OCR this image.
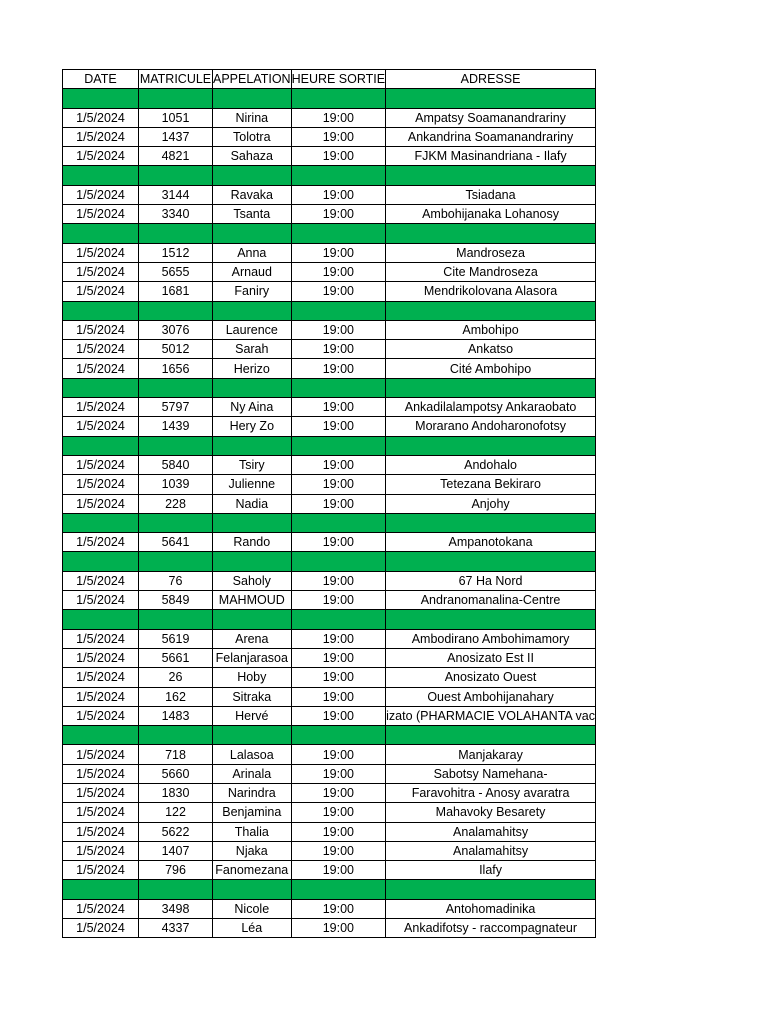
DATE	MATRICULE	APPELATION	HEURE SORTIE	ADRESSE

1/5/2024	1051	Nirina	19:00	Ampatsy Soamanandrariny
1/5/2024	1437	Tolotra	19:00	Ankandrina Soamanandrariny
1/5/2024	4821	Sahaza	19:00	FJKM Masinandriana - Ilafy

1/5/2024	3144	Ravaka	19:00	Tsiadana
1/5/2024	3340	Tsanta	19:00	Ambohijanaka Lohanosy

1/5/2024	1512	Anna	19:00	Mandroseza
1/5/2024	5655	Arnaud	19:00	Cite Mandroseza
1/5/2024	1681	Faniry	19:00	Mendrikolovana Alasora

1/5/2024	3076	Laurence	19:00	Ambohipo
1/5/2024	5012	Sarah	19:00	Ankatso
1/5/2024	1656	Herizo	19:00	Cité Ambohipo

1/5/2024	5797	Ny Aina	19:00	Ankadilalampotsy Ankaraobato
1/5/2024	1439	Hery Zo	19:00	Morarano Andoharonofotsy

1/5/2024	5840	Tsiry	19:00	Andohalo
1/5/2024	1039	Julienne	19:00	Tetezana Bekiraro
1/5/2024	228	Nadia	19:00	Anjohy

1/5/2024	5641	Rando	19:00	Ampanotokana

1/5/2024	76	Saholy	19:00	67 Ha Nord
1/5/2024	5849	MAHMOUD	19:00	Andranomanalina-Centre

1/5/2024	5619	Arena	19:00	Ambodirano Ambohimamory
1/5/2024	5661	Felanjarasoa	19:00	Anosizato Est II
1/5/2024	26	Hoby	19:00	Anosizato Ouest
1/5/2024	162	Sitraka	19:00	Ouest Ambohijanahary
1/5/2024	1483	Hervé	19:00	izato (PHARMACIE VOLAHANTA vac

1/5/2024	718	Lalasoa	19:00	Manjakaray
1/5/2024	5660	Arinala	19:00	Sabotsy Namehana-
1/5/2024	1830	Narindra	19:00	Faravohitra - Anosy avaratra
1/5/2024	122	Benjamina	19:00	Mahavoky Besarety
1/5/2024	5622	Thalia	19:00	Analamahitsy
1/5/2024	1407	Njaka	19:00	Analamahitsy
1/5/2024	796	Fanomezana	19:00	Ilafy

1/5/2024	3498	Nicole	19:00	Antohomadinika
1/5/2024	4337	Léa	19:00	Ankadifotsy - raccompagnateur
